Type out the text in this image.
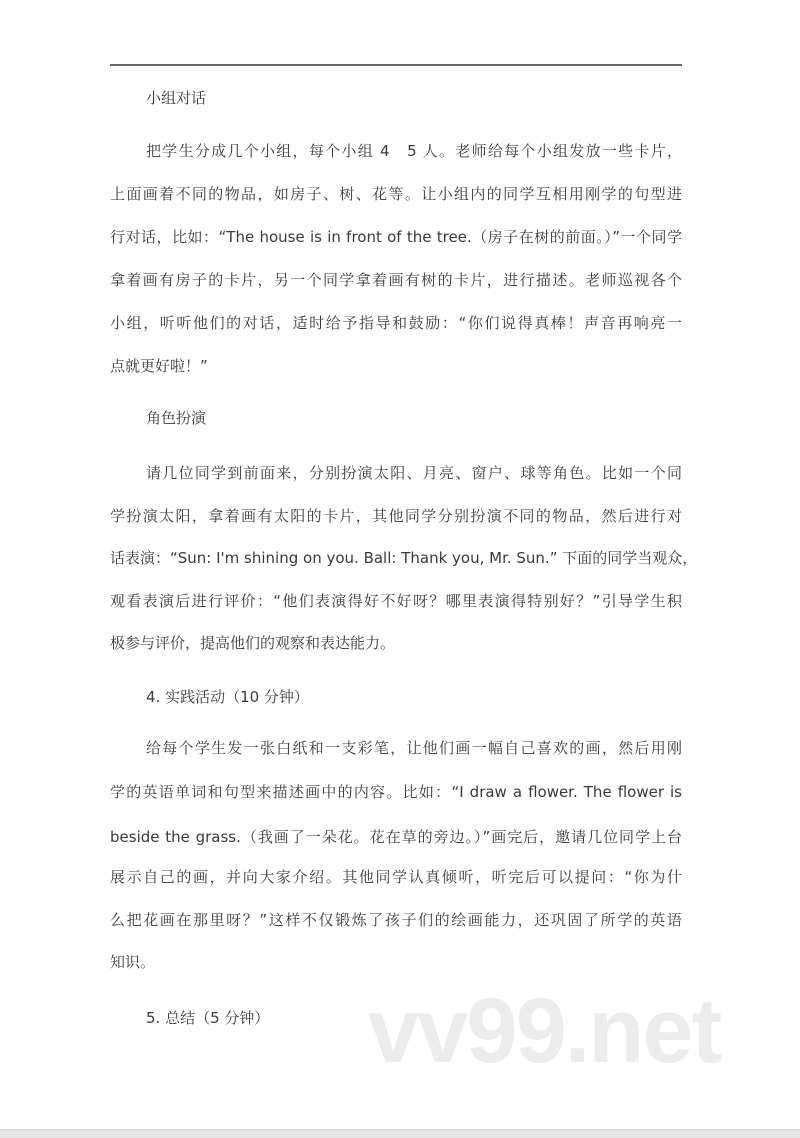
小组对话
把学生分成几个小组，每个小组 4　5 人。老师给每个小组发放一些卡片，
上面画着不同的物品，如房子、树、花等。让小组内的同学互相用刚学的句型进
行对话，比如：“The house is in front of the tree.（房子在树的前面。）”一个同学
拿着画有房子的卡片，另一个同学拿着画有树的卡片，进行描述。老师巡视各个
小组，听听他们的对话，适时给予指导和鼓励：“你们说得真棒！声音再响亮一
点就更好啦！”
角色扮演
请几位同学到前面来，分别扮演太阳、月亮、窗户、球等角色。比如一个同
学扮演太阳，拿着画有太阳的卡片，其他同学分别扮演不同的物品，然后进行对
话表演：“Sun: I'm shining on you. Ball: Thank you, Mr. Sun.” 下面的同学当观众，
观看表演后进行评价：“他们表演得好不好呀？哪里表演得特别好？”引导学生积
极参与评价，提高他们的观察和表达能力。
4. 实践活动（10 分钟）
给每个学生发一张白纸和一支彩笔，让他们画一幅自己喜欢的画，然后用刚
学的英语单词和句型来描述画中的内容。比如：“I draw a flower. The flower is
beside the grass.（我画了一朵花。花在草的旁边。）”画完后，邀请几位同学上台
展示自己的画，并向大家介绍。其他同学认真倾听，听完后可以提问：“你为什
么把花画在那里呀？”这样不仅锻炼了孩子们的绘画能力，还巩固了所学的英语
知识。
5. 总结（5 分钟） vv99.net
